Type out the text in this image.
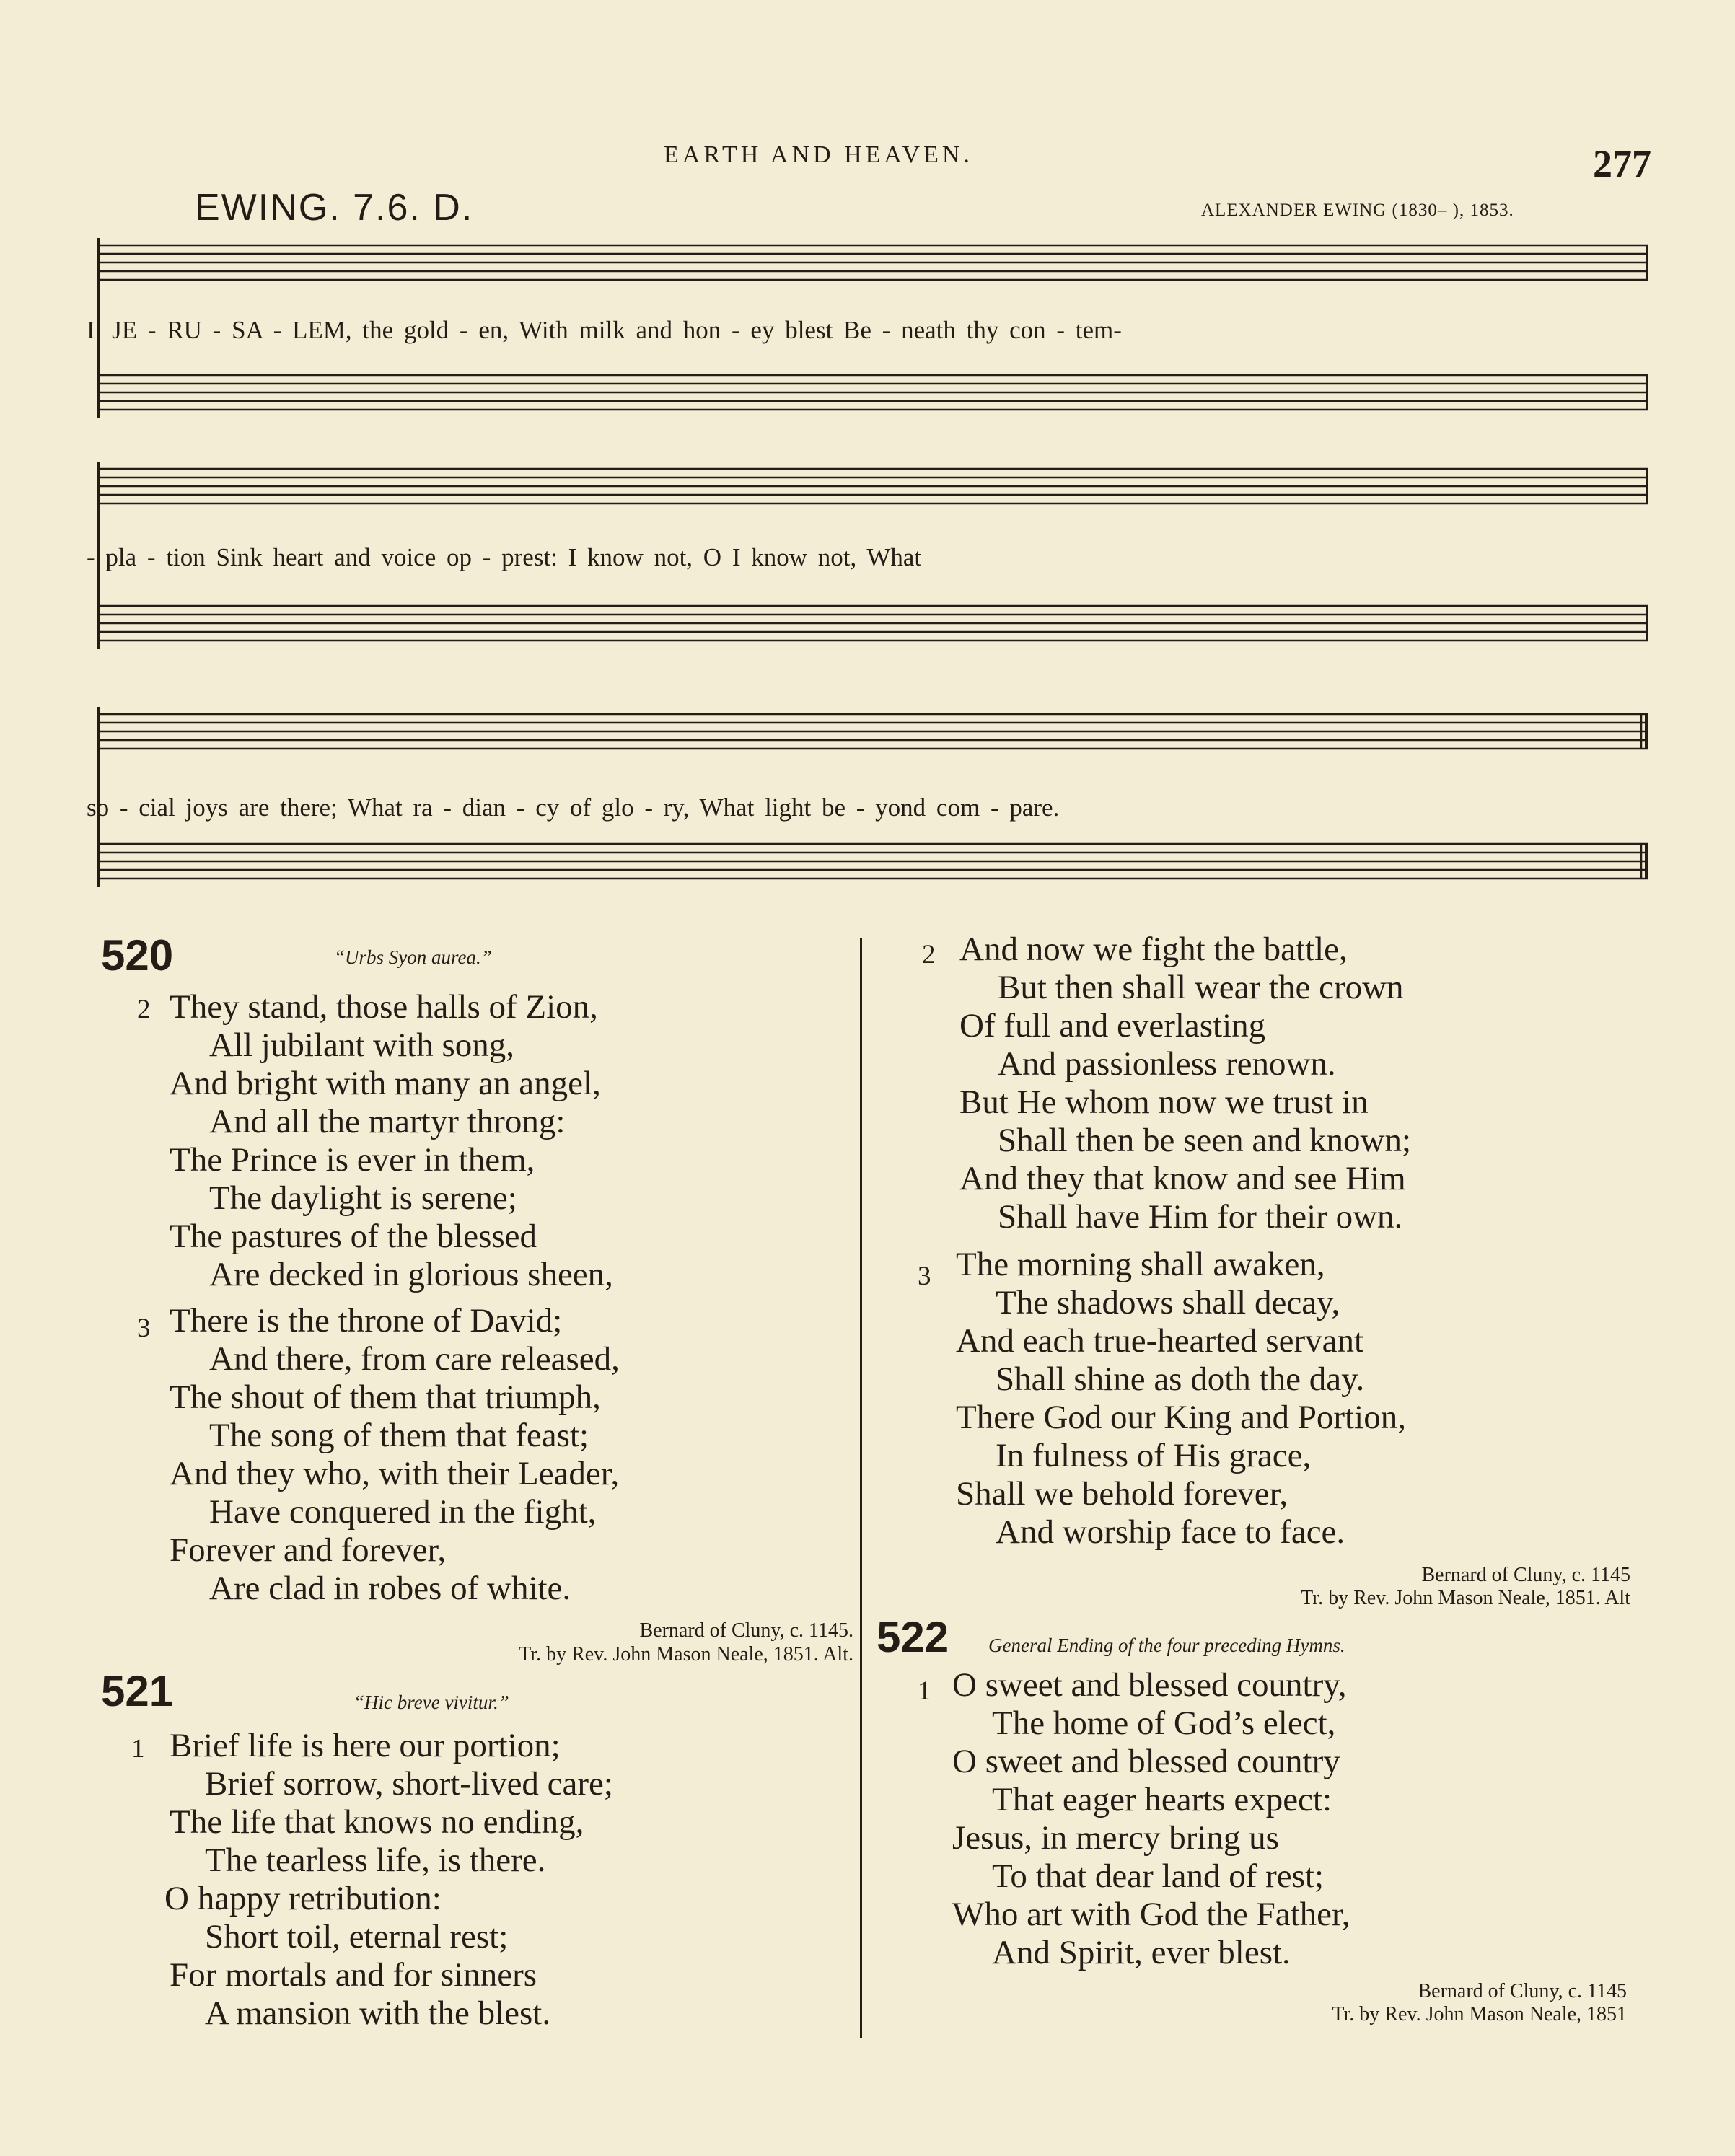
EARTH AND HEAVEN.	277
EWING. 7.6. D.	ALEXANDER EWING (1830– ), 1853.
I. JE - RU - SA - LEM, the gold - en, With milk and hon - ey blest Be - neath thy con - tem-
- pla - tion Sink heart and voice op - prest: I know not, O I know not, What
so - cial joys are there; What ra - dian - cy of glo - ry, What light be - yond com - pare.
520	“Urbs Syon aurea.”
2 They stand, those halls of Zion,
All jubilant with song,
And bright with many an angel,
And all the martyr throng:
The Prince is ever in them,
The daylight is serene;
The pastures of the blessed
Are decked in glorious sheen,
3 There is the throne of David;
And there, from care released,
The shout of them that triumph,
The song of them that feast;
And they who, with their Leader,
Have conquered in the fight,
Forever and forever,
Are clad in robes of white.
Bernard of Cluny, c. 1145.
Tr. by Rev. John Mason Neale, 1851. Alt.
521	“Hic breve vivitur.”
1 Brief life is here our portion;
Brief sorrow, short-lived care;
The life that knows no ending,
The tearless life, is there.
O happy retribution:
Short toil, eternal rest;
For mortals and for sinners
A mansion with the blest.
2 And now we fight the battle,
But then shall wear the crown
Of full and everlasting
And passionless renown.
But He whom now we trust in
Shall then be seen and known;
And they that know and see Him
Shall have Him for their own.
3 The morning shall awaken,
The shadows shall decay,
And each true-hearted servant
Shall shine as doth the day.
There God our King and Portion,
In fulness of His grace,
Shall we behold forever,
And worship face to face.
Bernard of Cluny, c. 1145
Tr. by Rev. John Mason Neale, 1851. Alt
522 General Ending of the four preceding Hymns.
1 O sweet and blessed country,
The home of God’s elect,
O sweet and blessed country
That eager hearts expect:
Jesus, in mercy bring us
To that dear land of rest;
Who art with God the Father,
And Spirit, ever blest.
Bernard of Cluny, c. 1145
Tr. by Rev. John Mason Neale, 1851
